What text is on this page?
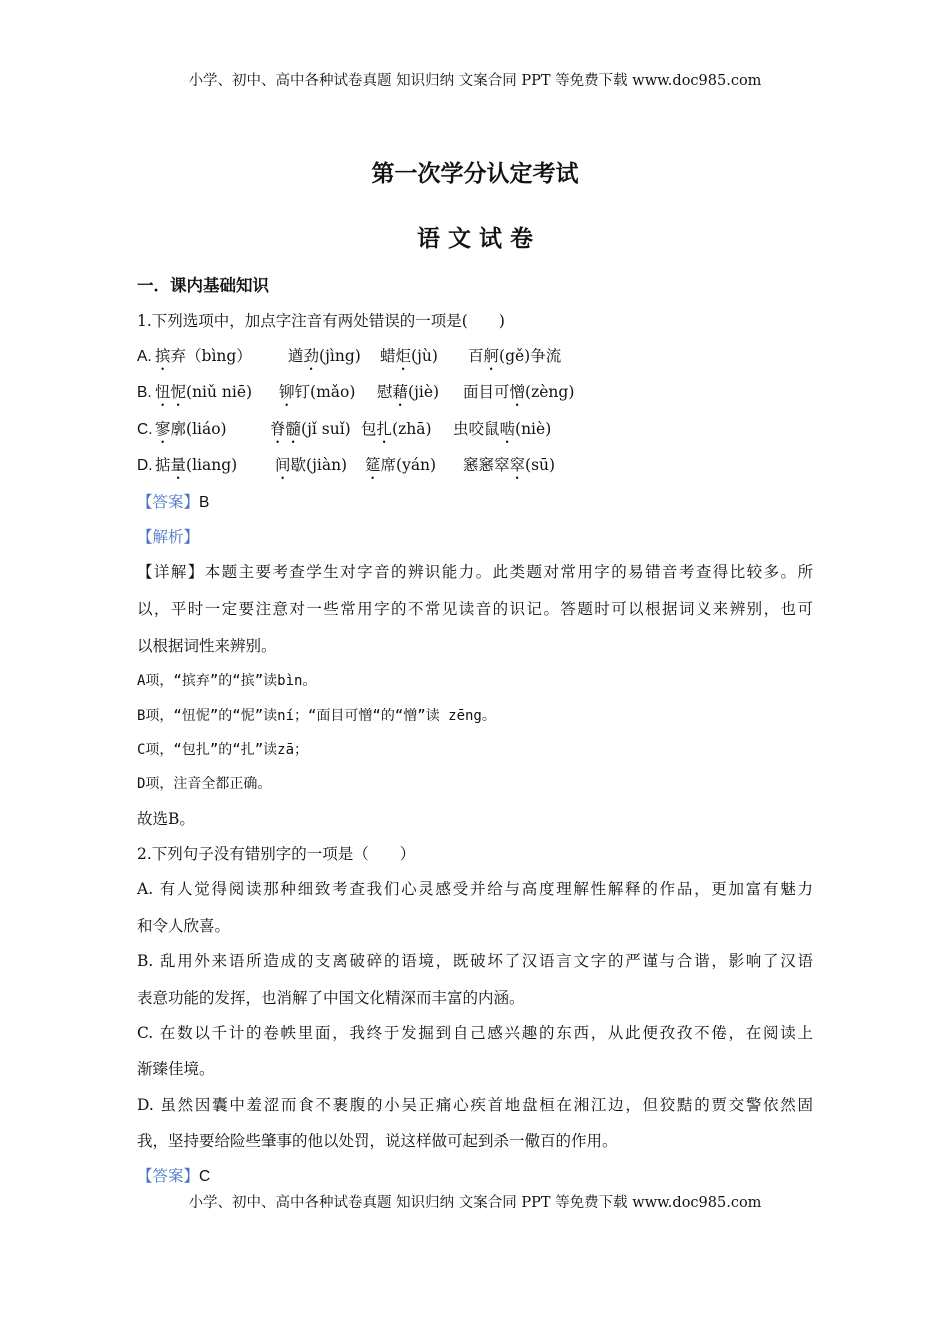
小学、初中、高中各种试卷真题 知识归纳 文案合同 PPT 等免费下载 www.doc985.com
第一次学分认定考试
语 文 试 卷
一．课内基础知识
1.下列选项中，加点字注音有两处错误的一项是(　　)
A. 摈弃（bìng） 遒劲(jìng) 蜡炬(jù) 百舸(gě)争流
B. 忸怩(niǔ niē) 铆钉(mǎo) 慰藉(jiè) 面目可憎(zèng)
C. 寥廓(liáo)	脊髓(jǐ suǐ) 包扎(zhā) 虫咬鼠啮(niè)
D. 掂量(liang) 间歇(jiàn) 筵席(yán) 窸窸窣窣(sū)
【答案】B
【解析】
【详解】本题主要考查学生对字音的辨识能力。此类题对常用字的易错音考查得比较多。所
以，平时一定要注意对一些常用字的不常见读音的识记。答题时可以根据词义来辨别，也可
以根据词性来辨别。
A项，“摈弃”的“摈”读bìn。
B项，“忸怩”的“怩”读ní；“面目可憎“的“憎”读 zēng。
C项，“包扎”的“扎”读zā；
D项，注音全都正确。
故选B。
2.下列句子没有错别字的一项是（　　）
A. 有人觉得阅读那种细致考查我们心灵感受并给与高度理解性解释的作品，更加富有魅力
和令人欣喜。
B. 乱用外来语所造成的支离破碎的语境，既破坏了汉语言文字的严谨与合谐，影响了汉语
表意功能的发挥，也消解了中国文化精深而丰富的内涵。
C. 在数以千计的卷帙里面，我终于发掘到自己感兴趣的东西，从此便孜孜不倦，在阅读上
渐臻佳境。
D. 虽然因囊中羞涩而食不裹腹的小吴正痛心疾首地盘桓在湘江边，但狡黠的贾交警依然固
我，坚持要给险些肇事的他以处罚，说这样做可起到杀一儆百的作用。
【答案】C
小学、初中、高中各种试卷真题 知识归纳 文案合同 PPT 等免费下载 www.doc985.com
